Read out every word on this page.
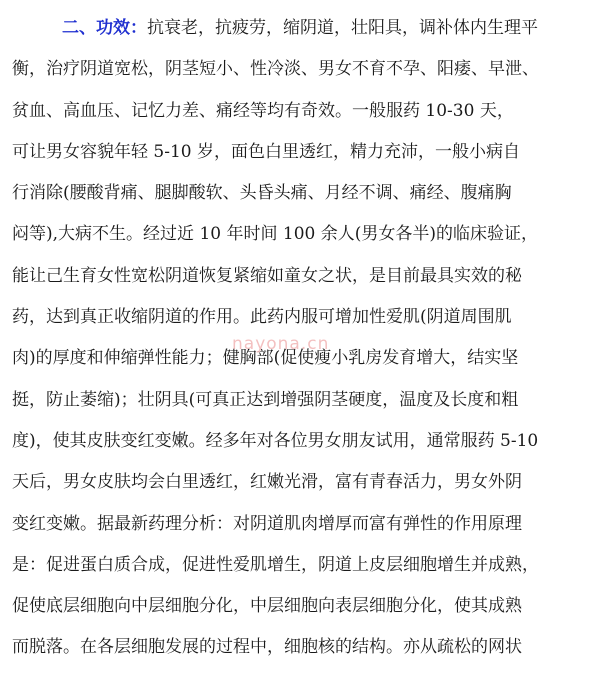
二、功效：抗衰老，抗疲劳，缩阴道，壮阳具，调补体内生理平
衡，治疗阴道宽松，阴茎短小、性冷淡、男女不育不孕、阳痿、早泄、
贫血、高血压、记忆力差、痛经等均有奇效。一般服药 10-30 天，
可让男女容貌年轻 5-10 岁，面色白里透红，精力充沛，一般小病自
行消除(腰酸背痛、腿脚酸软、头昏头痛、月经不调、痛经、腹痛胸
闷等),大病不生。经过近 10 年时间 100 余人(男女各半)的临床验证，
能让己生育女性宽松阴道恢复紧缩如童女之状，是目前最具实效的秘
药，达到真正收缩阴道的作用。此药内服可增加性爱肌(阴道周围肌
肉)的厚度和伸缩弹性能力；健胸部(促使瘦小乳房发育增大，结实坚
挺，防止萎缩)；壮阴具(可真正达到增强阴茎硬度，温度及长度和粗
度)，使其皮肤变红变嫩。经多年对各位男女朋友试用，通常服药 5-10
天后，男女皮肤均会白里透红，红嫩光滑，富有青春活力，男女外阴
变红变嫩。据最新药理分析：对阴道肌肉增厚而富有弹性的作用原理
是：促进蛋白质合成，促进性爱肌增生，阴道上皮层细胞增生并成熟，
促使底层细胞向中层细胞分化，中层细胞向表层细胞分化，使其成熟
而脱落。在各层细胞发展的过程中，细胞核的结构。亦从疏松的网状
nayona.cn
